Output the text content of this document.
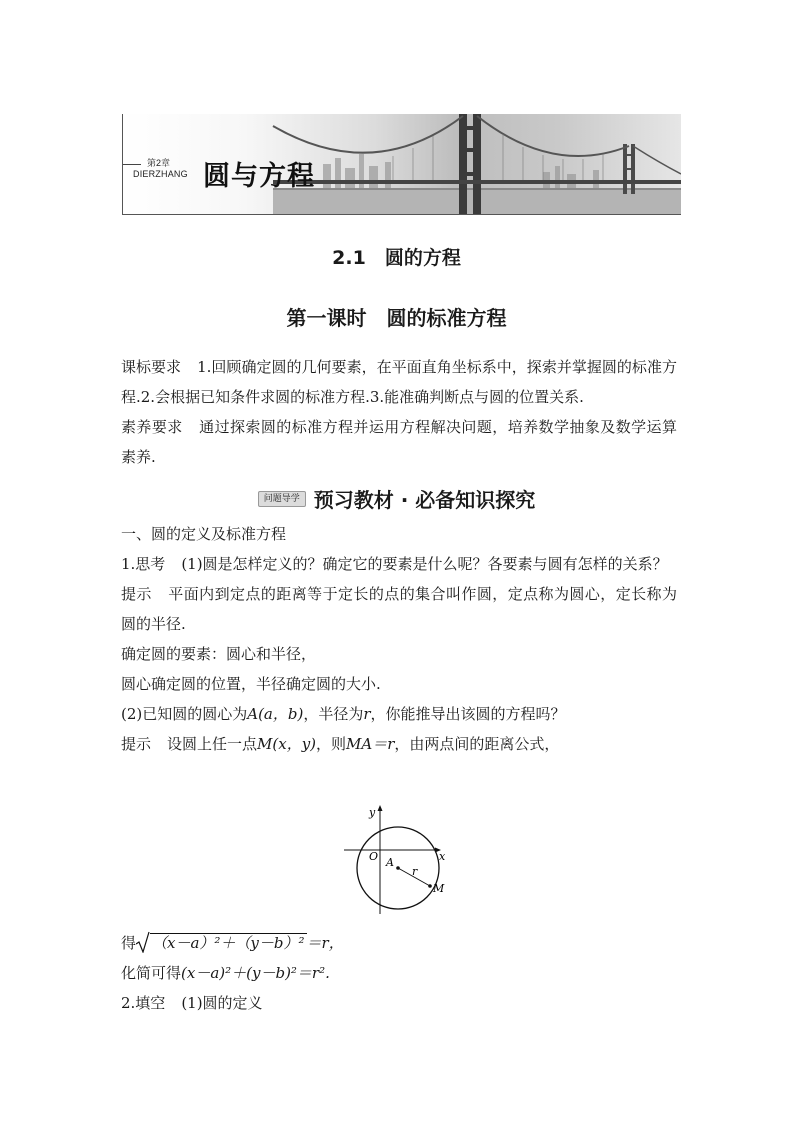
第2章
DIERZHANG 圆与方程
2.1　圆的方程
第一课时　圆的标准方程

课标要求 1.回顾确定圆的几何要素，在平面直角坐标系中，探索并掌握圆的标准方程.2.会根据已知条件求圆的标准方程.3.能准确判断点与圆的位置关系.

素养要求 通过探索圆的标准方程并运用方程解决问题，培养数学抽象及数学运算素养.

问题导学 预习教材 · 必备知识探究

一、圆的定义及标准方程

1.思考 (1)圆是怎样定义的？确定它的要素是什么呢？各要素与圆有怎样的关系？

提示 平面内到定点的距离等于定长的点的集合叫作圆，定点称为圆心，定长称为圆的半径.

确定圆的要素：圆心和半径，

圆心确定圆的位置，半径确定圆的大小.

(2)已知圆的圆心为A(a，b)，半径为r，你能推导出该圆的方程吗？

提示 设圆上任一点M(x，y)，则MA＝r，由两点间的距离公式，

y
x
O A
r
M

得 （x－a）²＋（y－b）² ＝r，

化简可得(x－a)²＋(y－b)²＝r².

2.填空 (1)圆的定义
